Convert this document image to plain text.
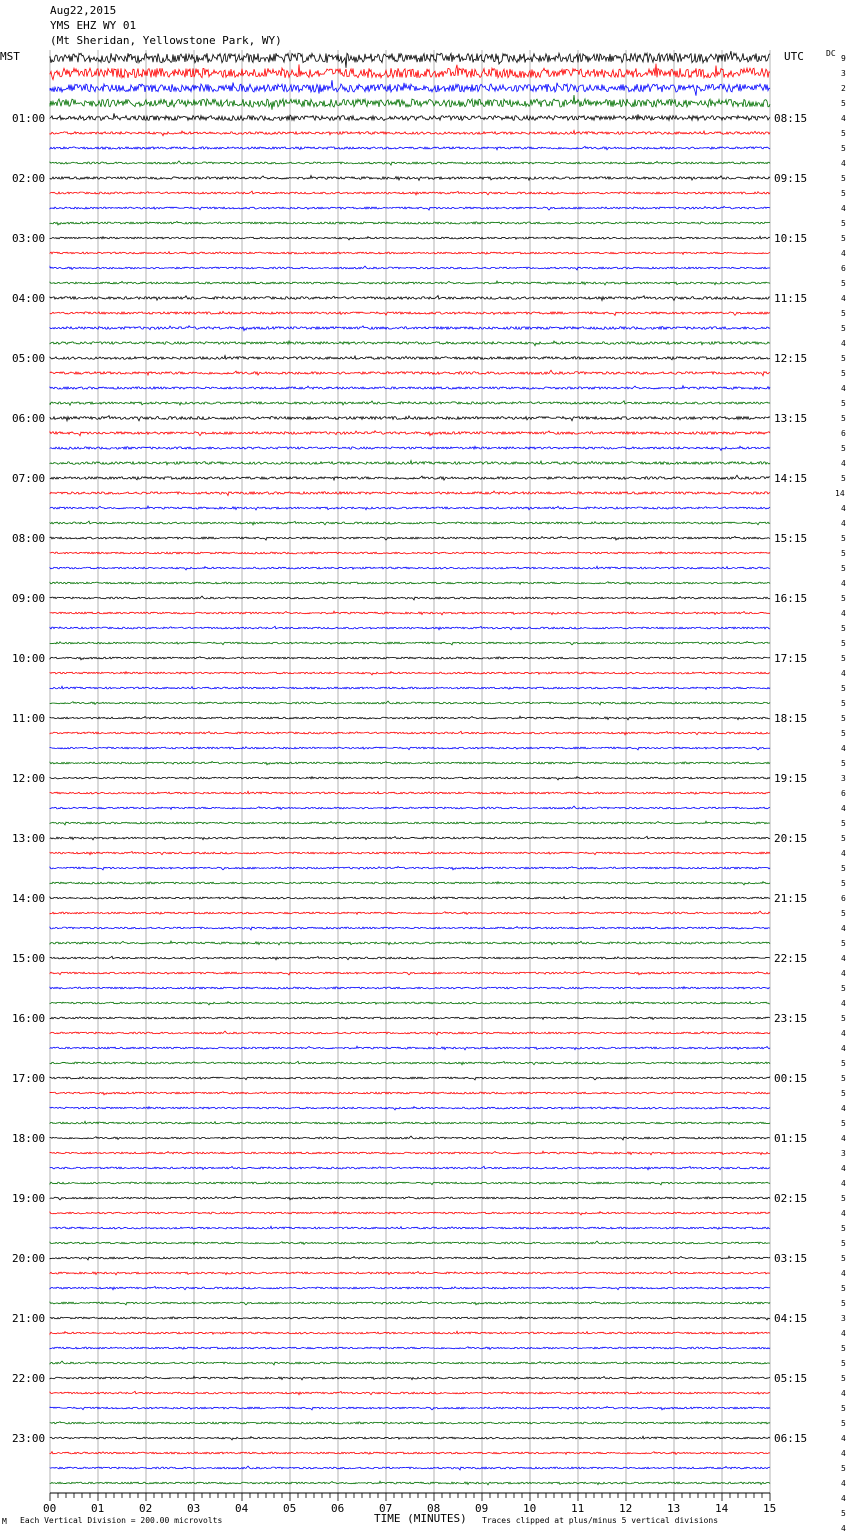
Aug22,2015
YMS EHZ WY 01
(Mt Sheridan, Yellowstone Park, WY)
01:00
02:00
03:00
04:00
05:00
06:00
07:00
08:00
09:00
10:00
11:00
12:00
13:00
14:00
15:00
16:00
17:00
18:00
19:00
20:00
21:00
22:00
23:00
08:15
09:15
10:15
11:15
12:15
13:15
14:15
15:15
16:15
17:15
18:15
19:15
20:15
21:15
22:15
23:15
00:15
01:15
02:15
03:15
04:15
05:15
06:15
9
3
2
5
4
5
5
4
5
5
4
5
5
4
6
5
4
5
5
4
5
5
4
5
5
6
5
4
5
14
4
4
5
5
5
4
5
4
5
5
5
4
5
5
5
5
4
5
3
6
4
5
5
4
5
5
6
5
4
5
4
4
5
4
5
4
4
5
5
5
4
5
4
3
4
4
5
4
5
5
5
4
5
5
3
4
5
5
5
4
5
5
4
4
5
4
4
5
4
MST	UTC	DC
00	01	02	03	04	05	06	07	08	09	10	11	12	13	14	15
M Each Vertical Division = 200.00 microvolts	TIME (MINUTES) Traces clipped at plus/minus 5 vertical divisions
